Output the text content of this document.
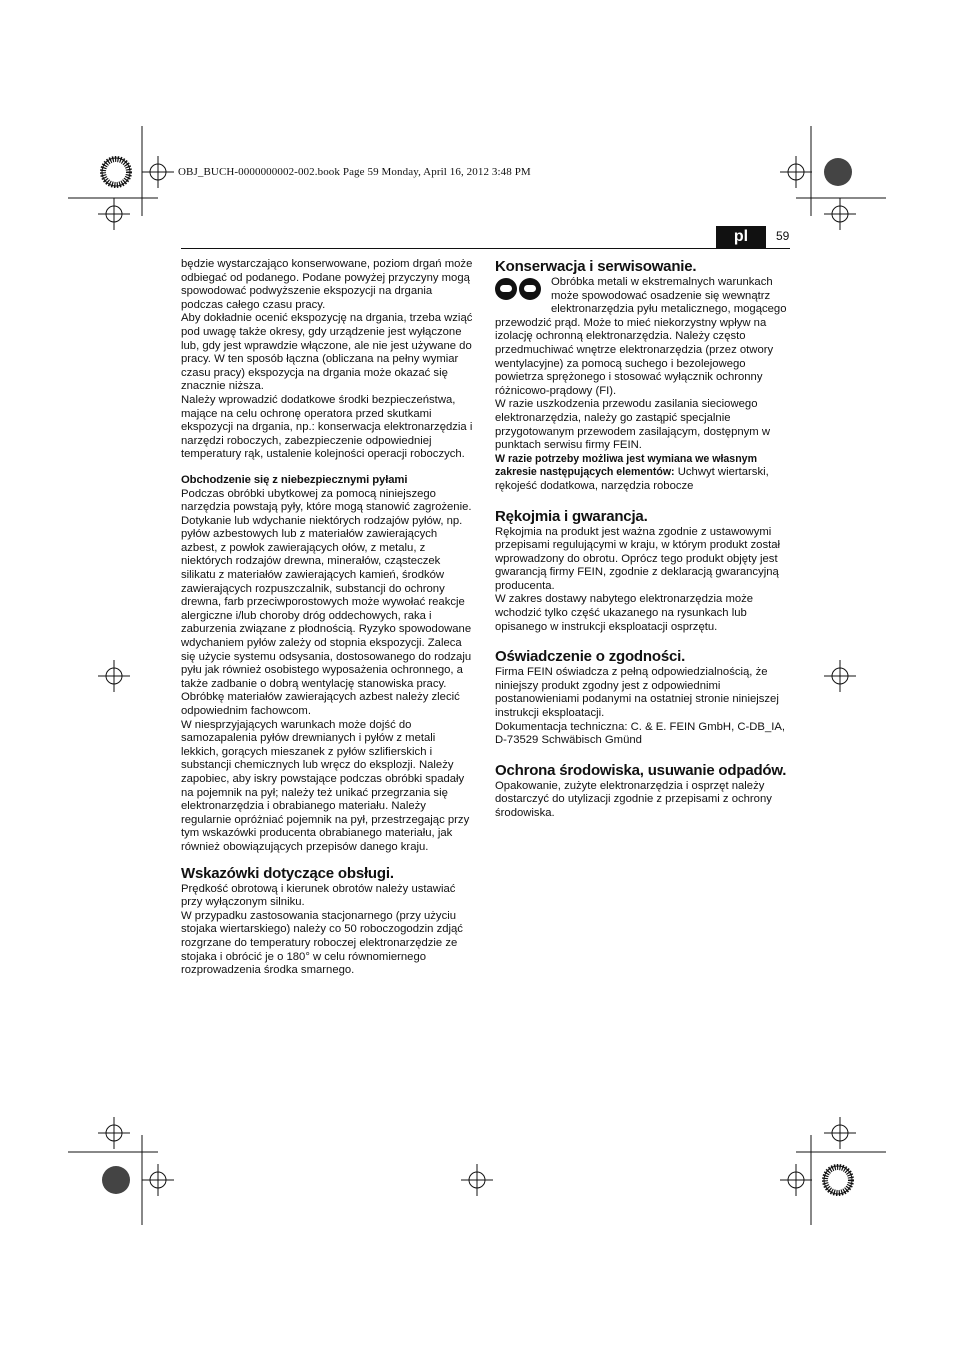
OBJ_BUCH-0000000002-002.book Page 59 Monday, April 16, 2012 3:48 PM
pl	59

będzie wystarczająco konserwowane, poziom drgań może odbiegać od podanego. Podane powyżej przyczyny mogą spowodować podwyższenie ekspozycji na drgania podczas całego czasu pracy.

Aby dokładnie ocenić ekspozycję na drgania, trzeba wziąć pod uwagę także okresy, gdy urządzenie jest wyłączone lub, gdy jest wprawdzie włączone, ale nie jest używane do pracy. W ten sposób łączna (obliczana na pełny wymiar czasu pracy) ekspozycja na drgania może okazać się znacznie niższa.

Należy wprowadzić dodatkowe środki bezpieczeństwa, mające na celu ochronę operatora przed skutkami ekspozycji na drgania, np.: konserwacja elektronarzędzia i narzędzi roboczych, zabezpieczenie odpowiedniej temperatury rąk, ustalenie kolejności operacji roboczych.

Obchodzenie się z niebezpiecznymi pyłami

Podczas obróbki ubytkowej za pomocą niniejszego narzędzia powstają pyły, które mogą stanowić zagrożenie.

Dotykanie lub wdychanie niektórych rodzajów pyłów, np. pyłów azbestowych lub z materiałów zawierających azbest, z powłok zawierających ołów, z metalu, z niektórych rodzajów drewna, minerałów, cząsteczek silikatu z materiałów zawierających kamień, środków zawierających rozpuszczalnik, substancji do ochrony drewna, farb przeciwporostowych może wywołać reakcje alergiczne i/lub choroby dróg oddechowych, raka i zaburzenia związane z płodnością. Ryzyko spowodowane wdychaniem pyłów zależy od stopnia ekspozycji. Zaleca się użycie systemu odsysania, dostosowanego do rodzaju pyłu jak również osobistego wyposażenia ochronnego, a także zadbanie o dobrą wentylację stanowiska pracy. Obróbkę materiałów zawierających azbest należy zlecić odpowiednim fachowcom.

W niesprzyjających warunkach może dojść do samozapalenia pyłów drewnianych i pyłów z metali lekkich, gorących mieszanek z pyłów szlifierskich i substancji chemicznych lub wręcz do eksplozji. Należy zapobiec, aby iskry powstające podczas obróbki spadały na pojemnik na pył; należy też unikać przegrzania się elektronarzędzia i obrabianego materiału. Należy regularnie opróżniać pojemnik na pył, przestrzegając przy tym wskazówki producenta obrabianego materiału, jak również obowiązujących przepisów danego kraju.

Wskazówki dotyczące obsługi.

Prędkość obrotową i kierunek obrotów należy ustawiać przy wyłączonym silniku.

W przypadku zastosowania stacjonarnego (przy użyciu stojaka wiertarskiego) należy co 50 roboczogodzin zdjąć rozgrzane do temperatury roboczej elektronarzędzie ze stojaka i obrócić je o 180° w celu równomiernego rozprowadzenia środka smarnego.

Konserwacja i serwisowanie.

Obróbka metali w ekstremalnych warunkach może spowodować osadzenie się wewnątrz elektronarzędzia pyłu metalicznego, mogącego przewodzić prąd. Może to mieć niekorzystny wpływ na izolację ochronną elektronarzędzia. Należy często przedmuchiwać wnętrze elektronarzędzia (przez otwory wentylacyjne) za pomocą suchego i bezolejowego powietrza sprężonego i stosować wyłącznik ochronny różnicowo-prądowy (FI).

W razie uszkodzenia przewodu zasilania sieciowego elektronarzędzia, należy go zastąpić specjalnie przygotowanym przewodem zasilającym, dostępnym w punktach serwisu firmy FEIN.

W razie potrzeby możliwa jest wymiana we własnym zakresie następujących elementów: Uchwyt wiertarski, rękojeść dodatkowa, narzędzia robocze

Rękojmia i gwarancja.

Rękojmia na produkt jest ważna zgodnie z ustawowymi przepisami regulującymi w kraju, w którym produkt został wprowadzony do obrotu. Oprócz tego produkt objęty jest gwarancją firmy FEIN, zgodnie z deklaracją gwarancyjną producenta.

W zakres dostawy nabytego elektronarzędzia może wchodzić tylko część ukazanego na rysunkach lub opisanego w instrukcji eksploatacji osprzętu.

Oświadczenie o zgodności.

Firma FEIN oświadcza z pełną odpowiedzialnością, że niniejszy produkt zgodny jest z odpowiednimi postanowieniami podanymi na ostatniej stronie niniejszej instrukcji eksploatacji.

Dokumentacja techniczna: C. & E. FEIN GmbH, C-DB_IA, D-73529 Schwäbisch Gmünd

Ochrona środowiska, usuwanie odpadów.

Opakowanie, zużyte elektronarzędzia i osprzęt należy dostarczyć do utylizacji zgodnie z przepisami z ochrony środowiska.
